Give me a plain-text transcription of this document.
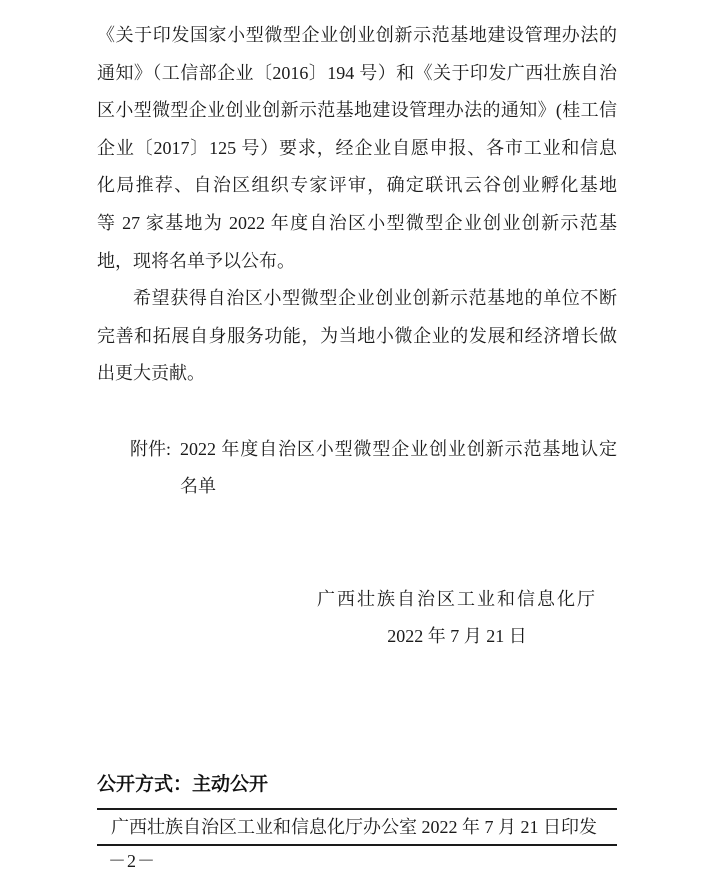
《关于印发国家小型微型企业创业创新示范基地建设管理办法的
通知》（工信部企业〔2016〕194 号）和《关于印发广西壮族自治
区小型微型企业创业创新示范基地建设管理办法的通知》(桂工信
企业〔2017〕125 号）要求，经企业自愿申报、各市工业和信息
化局推荐、自治区组织专家评审，确定联讯云谷创业孵化基地
等 27 家基地为 2022 年度自治区小型微型企业创业创新示范基
地，现将名单予以公布。
希望获得自治区小型微型企业创业创新示范基地的单位不断
完善和拓展自身服务功能，为当地小微企业的发展和经济增长做
出更大贡献。
附件: 2022 年度自治区小型微型企业创业创新示范基地认定
名单
广西壮族自治区工业和信息化厅
2022 年 7 月 21 日
公开方式：主动公开
广西壮族自治区工业和信息化厅办公室 2022 年 7 月 21 日印发
－2－
